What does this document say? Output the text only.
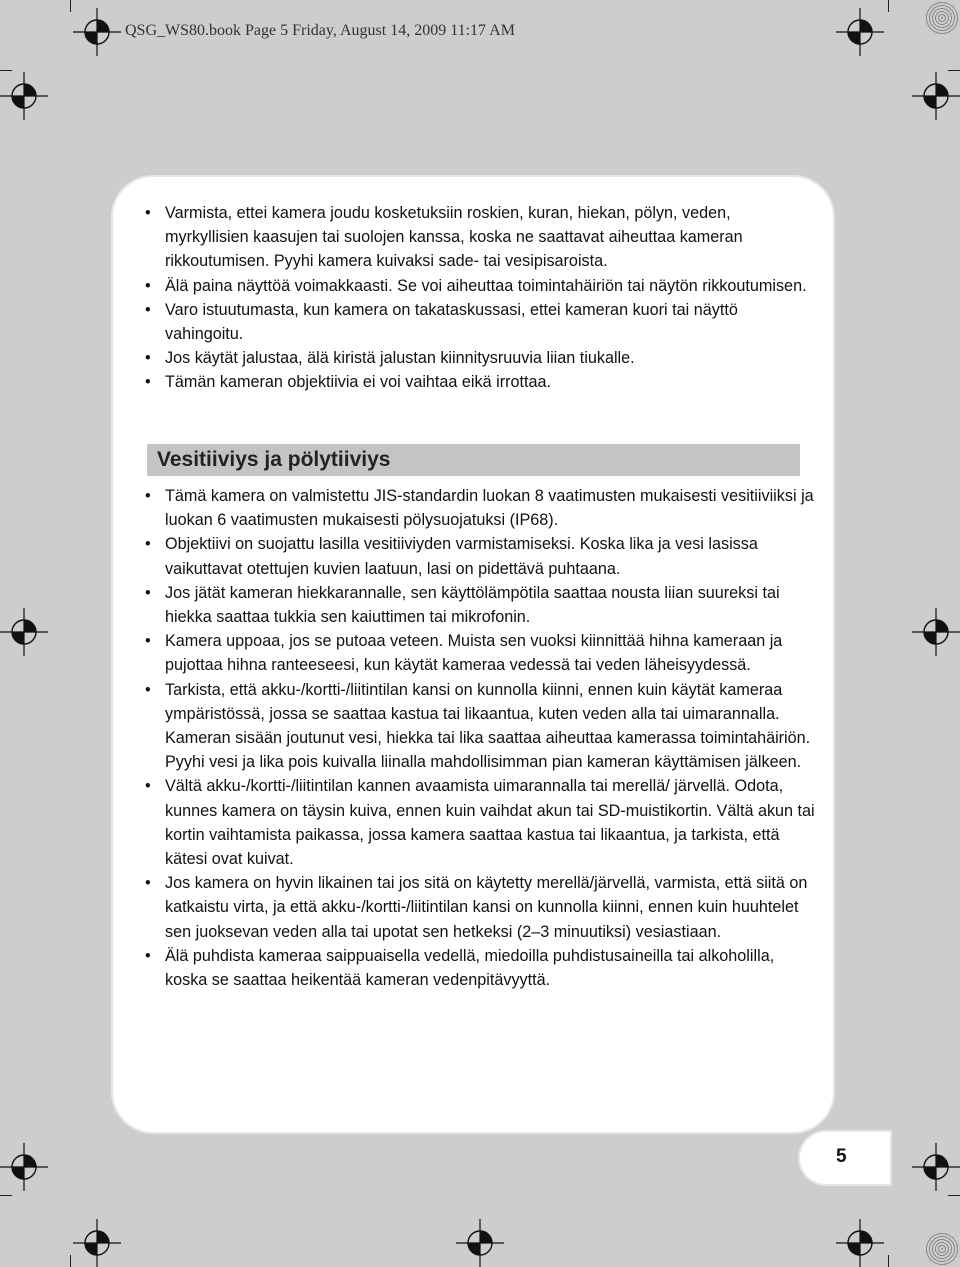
QSG_WS80.book Page 5 Friday, August 14, 2009 11:17 AM
• Varmista, ettei kamera joudu kosketuksiin roskien, kuran, hiekan, pölyn, veden, myrkyllisien kaasujen tai suolojen kanssa, koska ne saattavat aiheuttaa kameran rikkoutumisen. Pyyhi kamera kuivaksi sade- tai vesipisaroista.
• Älä paina näyttöä voimakkaasti. Se voi aiheuttaa toimintahäiriön tai näytön rikkoutumisen.
• Varo istuutumasta, kun kamera on takataskussasi, ettei kameran kuori tai näyttö vahingoitu.
• Jos käytät jalustaa, älä kiristä jalustan kiinnitysruuvia liian tiukalle.
• Tämän kameran objektiivia ei voi vaihtaa eikä irrottaa.
Vesitiiviys ja pölytiiviys
• Tämä kamera on valmistettu JIS-standardin luokan 8 vaatimusten mukaisesti vesitiiviiksi ja luokan 6 vaatimusten mukaisesti pölysuojatuksi (IP68).
• Objektiivi on suojattu lasilla vesitiiviyden varmistamiseksi. Koska lika ja vesi lasissa vaikuttavat otettujen kuvien laatuun, lasi on pidettävä puhtaana.
• Jos jätät kameran hiekkarannalle, sen käyttölämpötila saattaa nousta liian suureksi tai hiekka saattaa tukkia sen kaiuttimen tai mikrofonin.
• Kamera uppoaa, jos se putoaa veteen. Muista sen vuoksi kiinnittää hihna kameraan ja pujottaa hihna ranteeseesi, kun käytät kameraa vedessä tai veden läheisyydessä.
• Tarkista, että akku-/kortti-/liitintilan kansi on kunnolla kiinni, ennen kuin käytät kameraa ympäristössä, jossa se saattaa kastua tai likaantua, kuten veden alla tai uimarannalla. Kameran sisään joutunut vesi, hiekka tai lika saattaa aiheuttaa kamerassa toimintahäiriön. Pyyhi vesi ja lika pois kuivalla liinalla mahdollisimman pian kameran käyttämisen jälkeen.
• Vältä akku-/kortti-/liitintilan kannen avaamista uimarannalla tai merellä/ järvellä. Odota, kunnes kamera on täysin kuiva, ennen kuin vaihdat akun tai SD-muistikortin. Vältä akun tai kortin vaihtamista paikassa, jossa kamera saattaa kastua tai likaantua, ja tarkista, että kätesi ovat kuivat.
• Jos kamera on hyvin likainen tai jos sitä on käytetty merellä/järvellä, varmista, että siitä on katkaistu virta, ja että akku-/kortti-/liitintilan kansi on kunnolla kiinni, ennen kuin huuhtelet sen juoksevan veden alla tai upotat sen hetkeksi (2–3 minuutiksi) vesiastiaan.
• Älä puhdista kameraa saippuaisella vedellä, miedoilla puhdistusaineilla tai alkoholilla, koska se saattaa heikentää kameran vedenpitävyyttä.
5
